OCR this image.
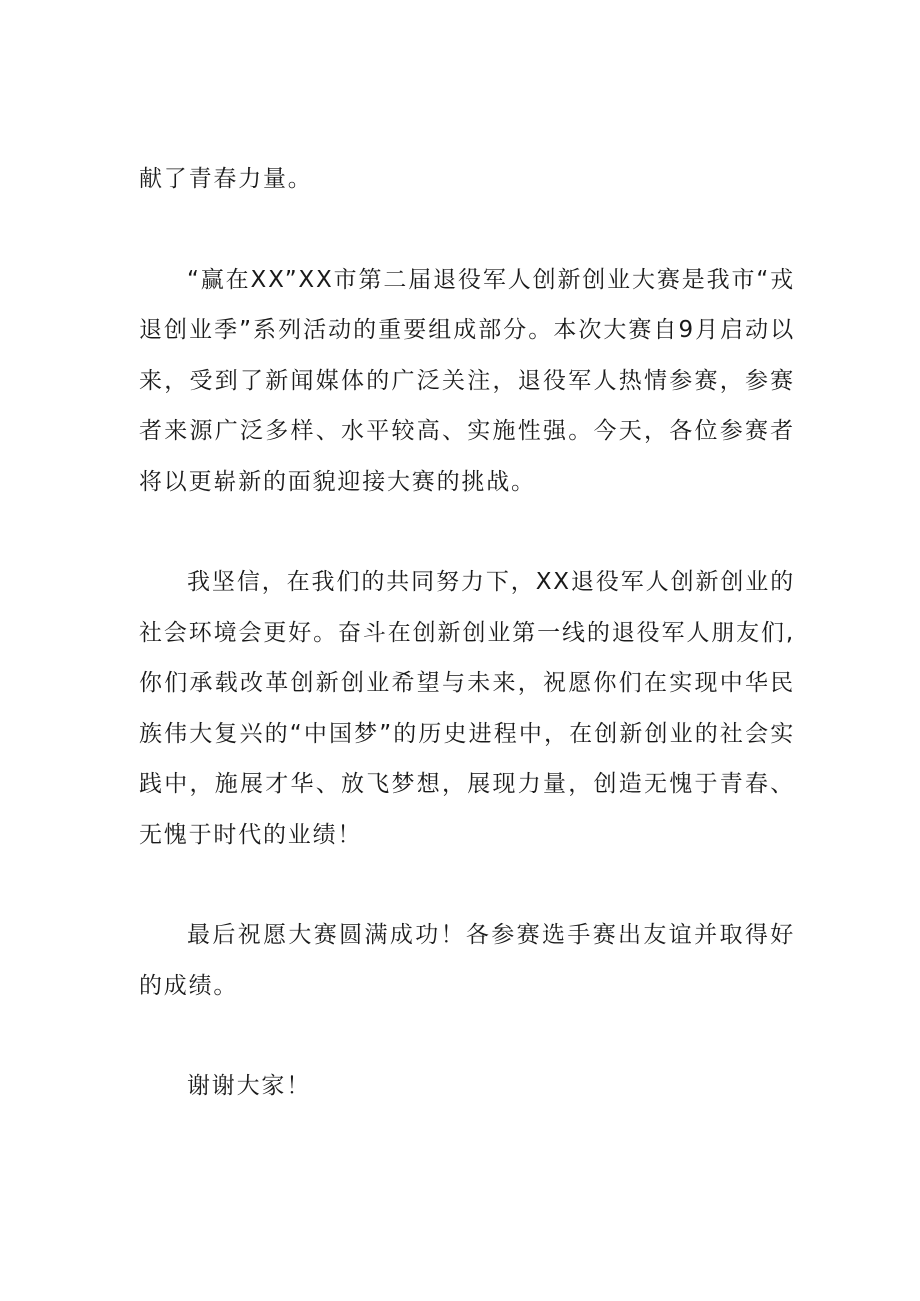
献了青春力量。

“赢在XX”XX市第二届退役军人创新创业大赛是我市“戎退创业季”系列活动的重要组成部分。本次大赛自9月启动以来，受到了新闻媒体的广泛关注，退役军人热情参赛，参赛者来源广泛多样、水平较高、实施性强。今天，各位参赛者将以更崭新的面貌迎接大赛的挑战。

我坚信，在我们的共同努力下，XX退役军人创新创业的社会环境会更好。奋斗在创新创业第一线的退役军人朋友们,你们承载改革创新创业希望与未来，祝愿你们在实现中华民族伟大复兴的“中国梦”的历史进程中，在创新创业的社会实践中，施展才华、放飞梦想，展现力量，创造无愧于青春、无愧于时代的业绩！

最后祝愿大赛圆满成功！各参赛选手赛出友谊并取得好的成绩。

谢谢大家！
